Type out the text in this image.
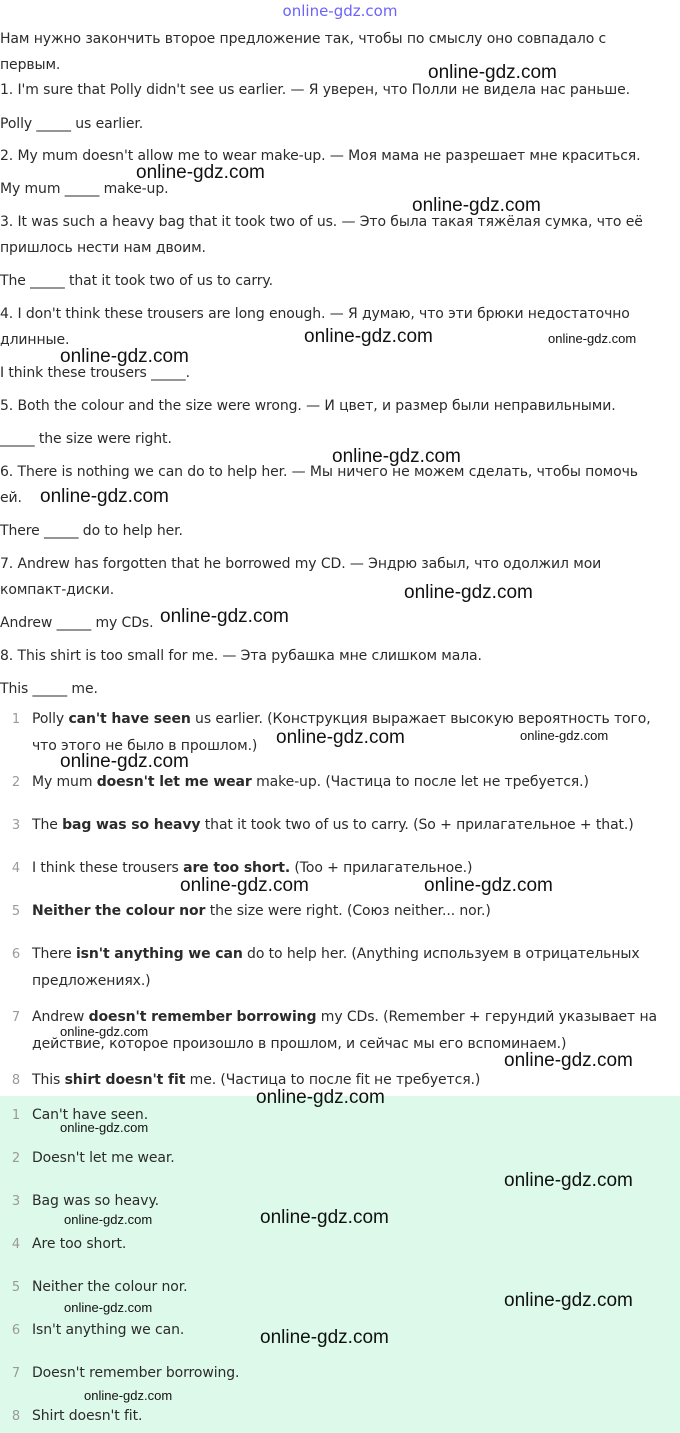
online-gdz.com
Нам нужно закончить второе предложение так, чтобы по смыслу оно совпадало с
первым.
1. I'm sure that Polly didn't see us earlier. — Я уверен, что Полли не видела нас раньше.
Polly _____ us earlier.
2. My mum doesn't allow me to wear make-up. — Моя мама не разрешает мне краситься.
My mum _____ make-up.
3. It was such a heavy bag that it took two of us. — Это была такая тяжёлая сумка, что её
пришлось нести нам двоим.
The _____ that it took two of us to carry.
4. I don't think these trousers are long enough. — Я думаю, что эти брюки недостаточно
длинные.
I think these trousers _____.
5. Both the colour and the size were wrong. — И цвет, и размер были неправильными.
_____ the size were right.
6. There is nothing we can do to help her. — Мы ничего не можем сделать, чтобы помочь
ей.
There _____ do to help her.
7. Andrew has forgotten that he borrowed my CD. — Эндрю забыл, что одолжил мои
компакт-диски.
Andrew _____ my CDs.
8. This shirt is too small for me. — Эта рубашка мне слишком мала.
This _____ me.
1 Polly can't have seen us earlier. (Конструкция выражает высокую вероятность того,
что этого не было в прошлом.)
2 My mum doesn't let me wear make-up. (Частица to после let не требуется.)
3 The bag was so heavy that it took two of us to carry. (So + прилагательное + that.)
4 I think these trousers are too short. (Too + прилагательное.)
5 Neither the colour nor the size were right. (Союз neither... nor.)
6 There isn't anything we can do to help her. (Anything используем в отрицательных
предложениях.)
7 Andrew doesn't remember borrowing my CDs. (Remember + герундий указывает на
действие, которое произошло в прошлом, и сейчас мы его вспоминаем.)
8 This shirt doesn't fit me. (Частица to после fit не требуется.)
1 Can't have seen.
2 Doesn't let me wear.
3 Bag was so heavy.
4 Are too short.
5 Neither the colour nor.
6 Isn't anything we can.
7 Doesn't remember borrowing.
8 Shirt doesn't fit.
online-gdz.com
online-gdz.com
online-gdz.com
online-gdz.com
online-gdz.com
online-gdz.com
online-gdz.com
online-gdz.com
online-gdz.com
online-gdz.com
online-gdz.com
online-gdz.com	online-gdz.com
online-gdz.com
online-gdz.com
online-gdz.com
online-gdz.com
online-gdz.com
online-gdz.com
online-gdz.com
online-gdz.com
online-gdz.com
online-gdz.com
online-gdz.com
online-gdz.com
online-gdz.com
